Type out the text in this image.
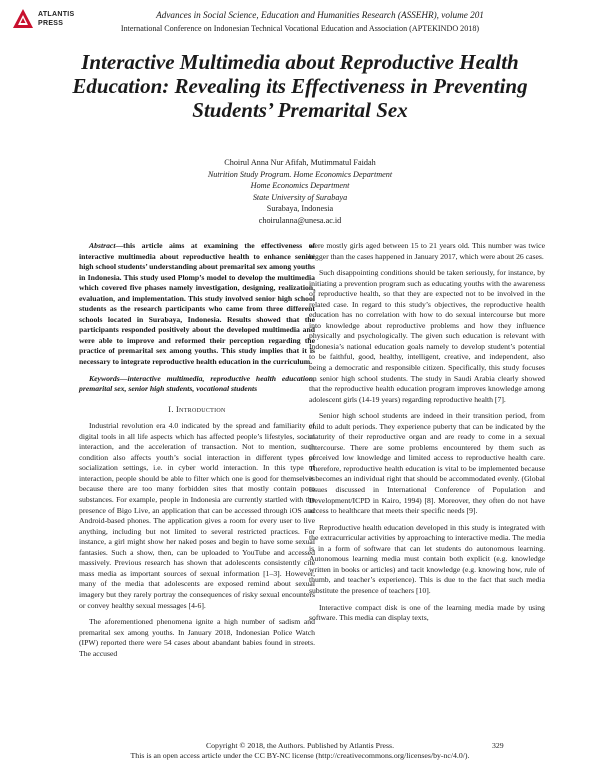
ATLANTIS
PRESS
Advances in Social Science, Education and Humanities Research (ASSEHR), volume 201
International Conference on Indonesian Technical Vocational Education and Association (APTEKINDO 2018)
Interactive Multimedia about Reproductive Health Education: Revealing its Effectiveness in Preventing Students’ Premarital Sex
Choirul Anna Nur Afifah, Mutimmatul Faidah
Nutrition Study Program. Home Economics Department
Home Economics Department
State University of Surabaya
Surabaya, Indonesia
choirulanna@unesa.ac.id

Abstract—this article aims at examining the effectiveness of interactive multimedia about reproductive health to enhance senior high school students’ understanding about premarital sex among youths in Indonesia. This study used Plomp’s model to develop the multimedia which covered five phases namely investigation, designing, realization, evaluation, and implementation. This study involved senior high school students as the research participants who came from three different schools located in Surabaya, Indonesia. Results showed that the participants responded positively about the developed multimedia and were able to improve and reformed their perception regarding the practice of premarital sex among youths. This study implies that it is necessary to integrate reproductive health education in the curriculum.

Keywords—interactive multimedia, reproductive health education, premarital sex, senior high students, vocational students

I. Introduction

Industrial revolution era 4.0 indicated by the spread and familiarity of digital tools in all life aspects which has affected people’s lifestyles, social interaction, and the acceleration of transaction. Not to mention, such condition also affects youth’s social interaction in different types of socialization settings, i.e. in cyber world interaction. In this type of interaction, people should be able to filter which one is good for themselves because there are too many forbidden sites that mostly contain porn substances. For example, people in Indonesia are currently startled with the presence of Bigo Live, an application that can be accessed through iOS and Android-based phones. The application gives a room for every user to live anything, including but not limited to several restricted practices. For instance, a girl might show her naked poses and begin to have some sexual fantasies. Such a show, then, can be uploaded to YouTube and accessed massively. Previous research has shown that adolescents consistently cite mass media as important sources of sexual information [1–3]. However, many of the media that adolescents are exposed remind about sexual imagery but they rarely portray the consequences of risky sexual encounters or convey healthy sexual messages [4-6].

The aforementioned phenomena ignite a high number of sadism and premarital sex among youths. In January 2018, Indonesian Police Watch (IPW) reported there were 54 cases about abandant babies found in streets. The accused

were mostly girls aged between 15 to 21 years old. This number was twice bigger than the cases happened in January 2017, which were about 26 cases.

Such disappointing conditions should be taken seriously, for instance, by initiating a prevention program such as educating youths with the awareness of reproductive health, so that they are expected not to be involved in the related case. In regard to this study’s objectives, the reproductive health education has no correlation with how to do sexual intercourse but more into knowledge about reproductive problems and how they influence physically and psychologically. The given such education is relevant with Indonesia’s national education goals namely to develop student’s potential to be faithful, good, healthy, intelligent, creative, and independent, also being a democratic and responsible citizen. Specifically, this study focuses on senior high school students. The study in Saudi Arabia clearly showed that the reproductive health education program improves knowledge among adolescent girls (14-19 years) regarding reproductive health [7].

Senior high school students are indeed in their transition period, from child to adult periods. They experience puberty that can be indicated by the maturity of their reproductive organ and are ready to come in a sexual intercourse. There are some problems encountered by them such as perceived low knowledge and limited access to reproductive health care. Therefore, reproductive health education is vital to be implemented because it becomes an individual right that should be accommodated evenly. (Global issues discussed in International Conference of Population and Development/ICPD in Kairo, 1994) [8]. Moreover, they often do not have access to healthcare that meets their specific needs [9].

Reproductive health education developed in this study is integrated with the extracurricular activities by approaching to interactive media. The media is in a form of software that can let students do autonomous learning. Autonomous learning media must contain both explicit (e.g. knowledge written in books or articles) and tacit knowledge (e.g. knowing how, rule of thumb, and teacher’s experience). This is due to the fact that such media substitute the presence of teachers [10].

Interactive compact disk is one of the learning media made by using software. This media can display texts,

Copyright © 2018, the Authors. Published by Atlantis Press.
This is an open access article under the CC BY-NC license (http://creativecommons.org/licenses/by-nc/4.0/).
329
